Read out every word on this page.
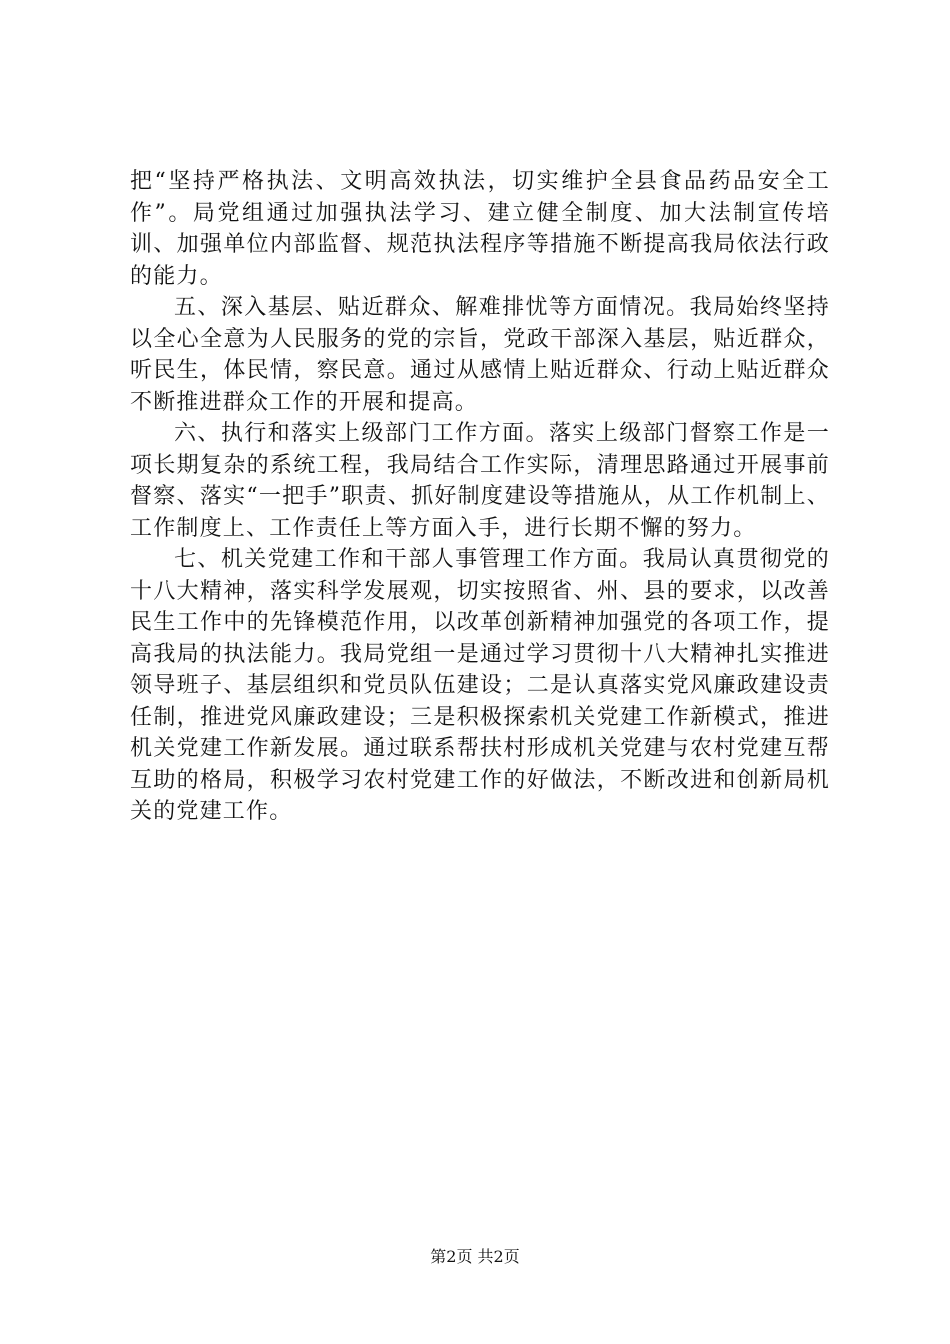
把“坚持严格执法、文明高效执法，切实维护全县食品药品安全工作”。局党组通过加强执法学习、建立健全制度、加大法制宣传培训、加强单位内部监督、规范执法程序等措施不断提高我局依法行政的能力。

五、深入基层、贴近群众、解难排忧等方面情况。我局始终坚持以全心全意为人民服务的党的宗旨，党政干部深入基层，贴近群众，听民生，体民情，察民意。通过从感情上贴近群众、行动上贴近群众不断推进群众工作的开展和提高。

六、执行和落实上级部门工作方面。落实上级部门督察工作是一项长期复杂的系统工程，我局结合工作实际，清理思路通过开展事前督察、落实“一把手”职责、抓好制度建设等措施从，从工作机制上、工作制度上、工作责任上等方面入手，进行长期不懈的努力。

七、机关党建工作和干部人事管理工作方面。我局认真贯彻党的十八大精神，落实科学发展观，切实按照省、州、县的要求，以改善民生工作中的先锋模范作用，以改革创新精神加强党的各项工作，提高我局的执法能力。我局党组一是通过学习贯彻十八大精神扎实推进领导班子、基层组织和党员队伍建设；二是认真落实党风廉政建设责任制，推进党风廉政建设；三是积极探索机关党建工作新模式，推进机关党建工作新发展。通过联系帮扶村形成机关党建与农村党建互帮互助的格局，积极学习农村党建工作的好做法，不断改进和创新局机关的党建工作。

第2页 共2页
